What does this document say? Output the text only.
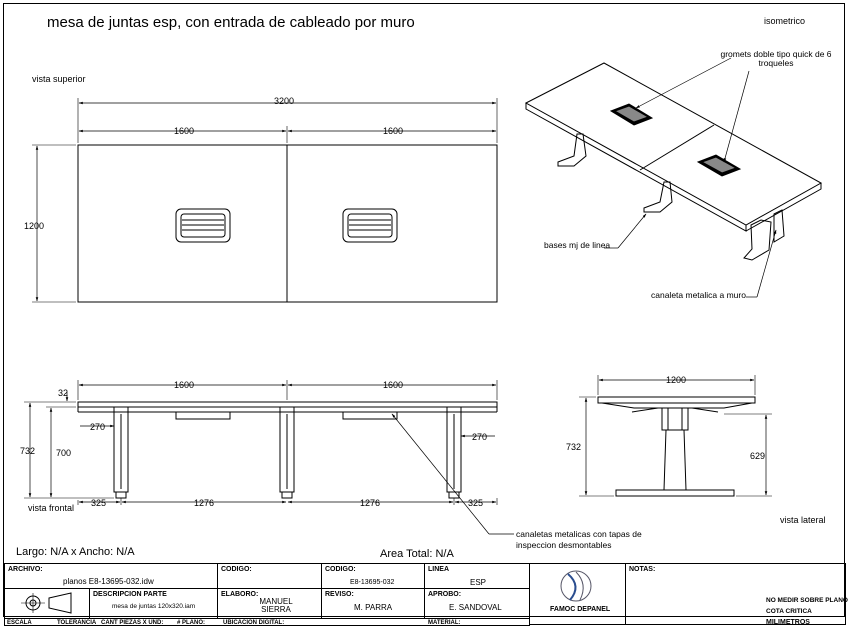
mesa de juntas esp, con entrada de cableado por muro	isometrico
vista superior
3200
1600	1600
1200
1600	1600
32
732 700
270
270
325	1276	1276	325
1200
732
629
gromets doble tipo quick de 6 troqueles
bases mj de linea
canaleta metalica a muro
canaletas metalicas con tapas de inspeccion desmontables
vista frontal
vista lateral
Largo: N/A x Ancho: N/A	Area Total: N/A
ARCHIVO:
planos E8-13695-032.idw
CODIGO:	CODIGO:
E8-13695-032
LINEA
ESP
DESCRIPCION PARTE
mesa de juntas 120x320.iam
ELABORO:
MANUEL SIERRA
REVISO:
M. PARRA
APROBO:
E. SANDOVAL
ESCALA	TOLERANCIA CANT PIEZAS X UND: # PLANO:	UBICACION DIGITAL:	MATERIAL:
FAMOC DEPANEL
NOTAS:
NO MEDIR SOBRE PLANO
COTA CRITICA
MILIMETROS
